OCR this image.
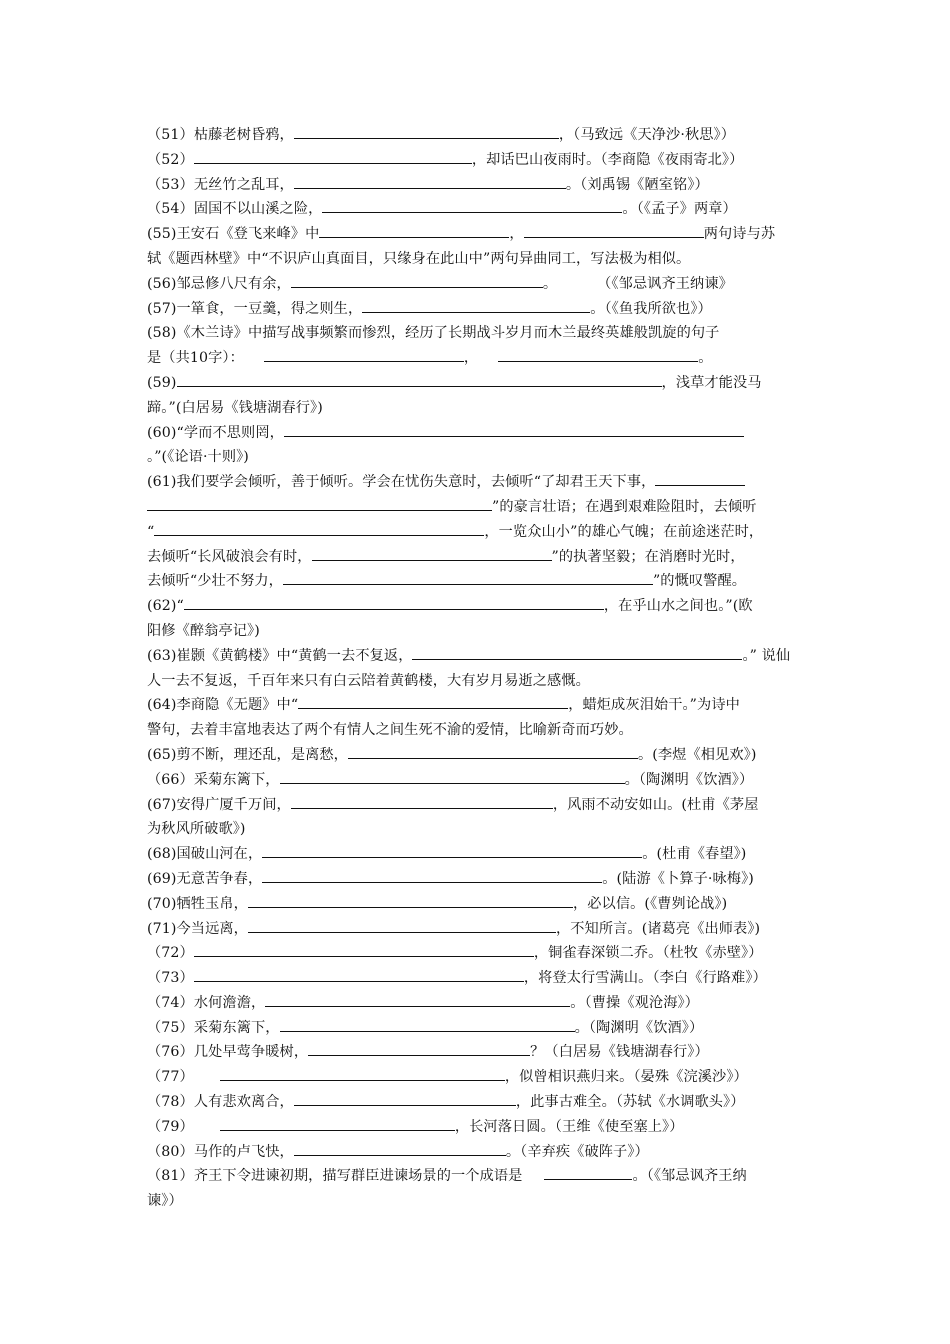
（51）枯藤老树昏鸦，	，（马致远《天净沙·秋思》）
（52）	，却话巴山夜雨时。（李商隐《夜雨寄北》）
（53）无丝竹之乱耳，	。（刘禹锡《陋室铭》）
（54）固国不以山溪之险，	。（《孟子》两章）
(55)王安石《登飞来峰》中	，	两句诗与苏
轼《题西林壁》中“不识庐山真面目，只缘身在此山中”两句异曲同工，写法极为相似。
(56)邹忌修八尺有余，	。	（《邹忌讽齐王纳谏》
(57)一箪食，一豆羹，得之则生，	。（《鱼我所欲也》）
(58)《木兰诗》中描写战事频繁而惨烈，经历了长期战斗岁月而木兰最终英雄般凯旋的句子
是（共10字）：	，	。
(59)	，浅草才能没马
蹄。”(白居易《钱塘湖春行》)
(60)“学而不思则罔，
。”(《论语·十则》)
(61)我们要学会倾听，善于倾听。学会在忧伤失意时，去倾听“了却君王天下事，
”的豪言壮语；在遇到艰难险阻时，去倾听
“	，一览众山小”的雄心气魄；在前途迷茫时，
去倾听“长风破浪会有时，	”的执著坚毅；在消磨时光时，
去倾听“少壮不努力，	”的慨叹警醒。
(62)“	，在乎山水之间也。”(欧
阳修《醉翁亭记》)
(63)崔颢《黄鹤楼》中“黄鹤一去不复返，	。” 说仙
人一去不复返，千百年来只有白云陪着黄鹤楼，大有岁月易逝之感慨。
(64)李商隐《无题》中“	，蜡炬成灰泪始干。”为诗中
警句，去着丰富地表达了两个有情人之间生死不渝的爱情，比喻新奇而巧妙。
(65)剪不断，理还乱，是离愁，	。(李煜《相见欢》)
（66）采菊东篱下，	。（陶渊明《饮酒》）
(67)安得广厦千万间，	，风雨不动安如山。(杜甫《茅屋
为秋风所破歌》)
(68)国破山河在，	。(杜甫《春望》)
(69)无意苦争春，	。(陆游《卜算子·咏梅》)
(70)牺牲玉帛，	，必以信。(《曹刿论战》)
(71)今当远离，	，不知所言。(诸葛亮《出师表》)
（72）	，铜雀春深锁二乔。（杜牧《赤壁》）
（73）	，将登太行雪满山。（李白《行路难》）
（74）水何澹澹，	。（曹操《观沧海》）
（75）采菊东篱下，	。（陶渊明《饮酒》）
（76）几处早莺争暖树，	？（白居易《钱塘湖春行》）
（77）	，似曾相识燕归来。（晏殊《浣溪沙》）
（78）人有悲欢离合，	，此事古难全。（苏轼《水调歌头》）
（79）	，长河落日圆。（王维《使至塞上》）
（80）马作的卢飞快，	。（辛弃疾《破阵子》）
（81）齐王下令进谏初期，描写群臣进谏场景的一个成语是	。（《邹忌讽齐王纳
谏》）
